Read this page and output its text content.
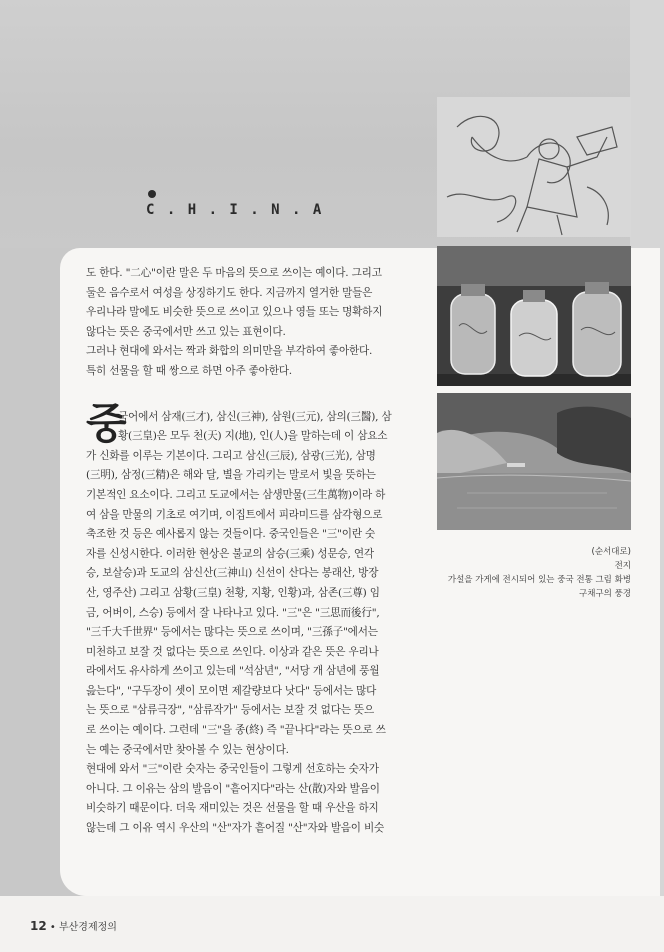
C . H . I . N . A
(순서대로)
전지
가설을 가게에 전시되어 있는 중국 전통 그림 화병
구채구의 풍경
도 한다. "二心"이란 말은 두 마음의 뜻으로 쓰이는 예이다. 그리고
둘은 음수로서 여성을 상징하기도 한다. 지금까지 열거한 말들은
우리나라 말에도 비슷한 뜻으로 쓰이고 있으나 영들 또는 명확하지
않다는 뜻은 중국에서만 쓰고 있는 표현이다.
그러나 현대에 와서는 짝과 화합의 의미만을 부각하여 좋아한다.
특히 선물을 할 때 쌍으로 하면 아주 좋아한다.
중
국어에서 삼재(三才), 삼신(三神), 삼원(三元), 삼의(三醫), 삼
황(三皇)은 모두 천(天) 지(地), 인(人)을 말하는데 이 삼요소
가 신화를 이루는 기본이다. 그리고 삼신(三辰), 삼광(三光), 삼명
(三明), 삼정(三精)은 해와 달, 별을 가리키는 말로서 빛을 뜻하는
기본적인 요소이다. 그리고 도교에서는 삼생만물(三生萬物)이라 하
여 삼을 만물의 기초로 여기며, 이집트에서 피라미드를 삼각형으로
축조한 것 등은 예사롭지 않는 것들이다. 중국인들은 "三"이란 숫
자를 신성시한다. 이러한 현상은 불교의 삼승(三乘) 성문승, 연각
승, 보살승)과 도교의 삼신산(三神山) 신선이 산다는 봉래산, 방장
산, 영주산) 그리고 삼황(三皇) 천황, 지황, 인황)과, 삼존(三尊) 임
금, 어버이, 스승) 등에서 잘 나타나고 있다. "三"은 "三思而後行",
"三千大千世界" 등에서는 많다는 뜻으로 쓰이며, "三孫子"에서는
미천하고 보잘 것 없다는 뜻으로 쓰인다. 이상과 같은 뜻은 우리나
라에서도 유사하게 쓰이고 있는데 "석삼년", "서당 개 삼년에 풍월
읊는다", "구두장이 셋이 모이면 제갈량보다 낫다" 등에서는 많다
는 뜻으로 "삼류극장", "삼류작가" 등에서는 보잘 것 없다는 뜻으
로 쓰이는 예이다. 그런데 "三"을 종(終) 즉 "끝나다"라는 뜻으로 쓰
는 예는 중국에서만 찾아볼 수 있는 현상이다.
현대에 와서 "三"이란 숫자는 중국인들이 그렇게 선호하는 숫자가
아니다. 그 이유는 삼의 발음이 "흩어지다"라는 산(散)자와 발음이
비슷하기 때문이다. 더욱 재미있는 것은 선물을 할 때 우산을 하지
않는데 그 이유 역시 우산의 "산"자가 흩어질 "산"자와 발음이 비슷
12 • 부산경제정의
